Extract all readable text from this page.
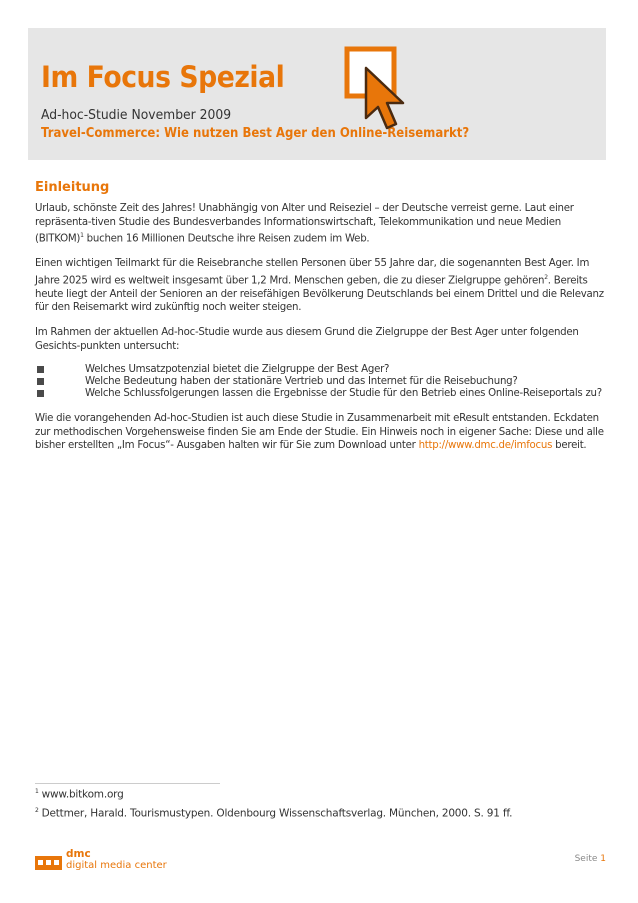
Im Focus Spezial
Ad-hoc-Studie November 2009
Travel-Commerce: Wie nutzen Best Ager den Online-Reisemarkt?
Einleitung

Urlaub, schönste Zeit des Jahres! Unabhängig von Alter und Reiseziel – der Deutsche verreist gerne. Laut einer repräsenta-tiven Studie des Bundesverbandes Informationswirtschaft, Telekommunikation und neue Medien (BITKOM)$^1$ buchen 16 Millionen Deutsche ihre Reisen zudem im Web.

Einen wichtigen Teilmarkt für die Reisebranche stellen Personen über 55 Jahre dar, die sogenannten Best Ager. Im Jahre 2025 wird es weltweit insgesamt über 1,2 Mrd. Menschen geben, die zu dieser Zielgruppe gehören$^2$. Bereits heute liegt der Anteil der Senioren an der reisefähigen Bevölkerung Deutschlands bei einem Drittel und die Relevanz für den Reisemarkt wird zukünftig noch weiter steigen.

Im Rahmen der aktuellen Ad-hoc-Studie wurde aus diesem Grund die Zielgruppe der Best Ager unter folgenden Gesichts-punkten untersucht:

Welches Umsatzpotenzial bietet die Zielgruppe der Best Ager?
Welche Bedeutung haben der stationäre Vertrieb und das Internet für die Reisebuchung?
Welche Schlussfolgerungen lassen die Ergebnisse der Studie für den Betrieb eines Online-Reiseportals zu?

Wie die vorangehenden Ad-hoc-Studien ist auch diese Studie in Zusammenarbeit mit eResult entstanden. Eckdaten zur methodischen Vorgehensweise finden Sie am Ende der Studie. Ein Hinweis noch in eigener Sache: Diese und alle bisher erstellten „Im Focus“- Ausgaben halten wir für Sie zum Download unter http://www.dmc.de/imfocus bereit.

$^1$ www.bitkom.org
$^2$ Dettmer, Harald. Tourismustypen. Oldenbourg Wissenschaftsverlag. München, 2000. S. 91 ff.
dmc
digital media center
Seite 1
